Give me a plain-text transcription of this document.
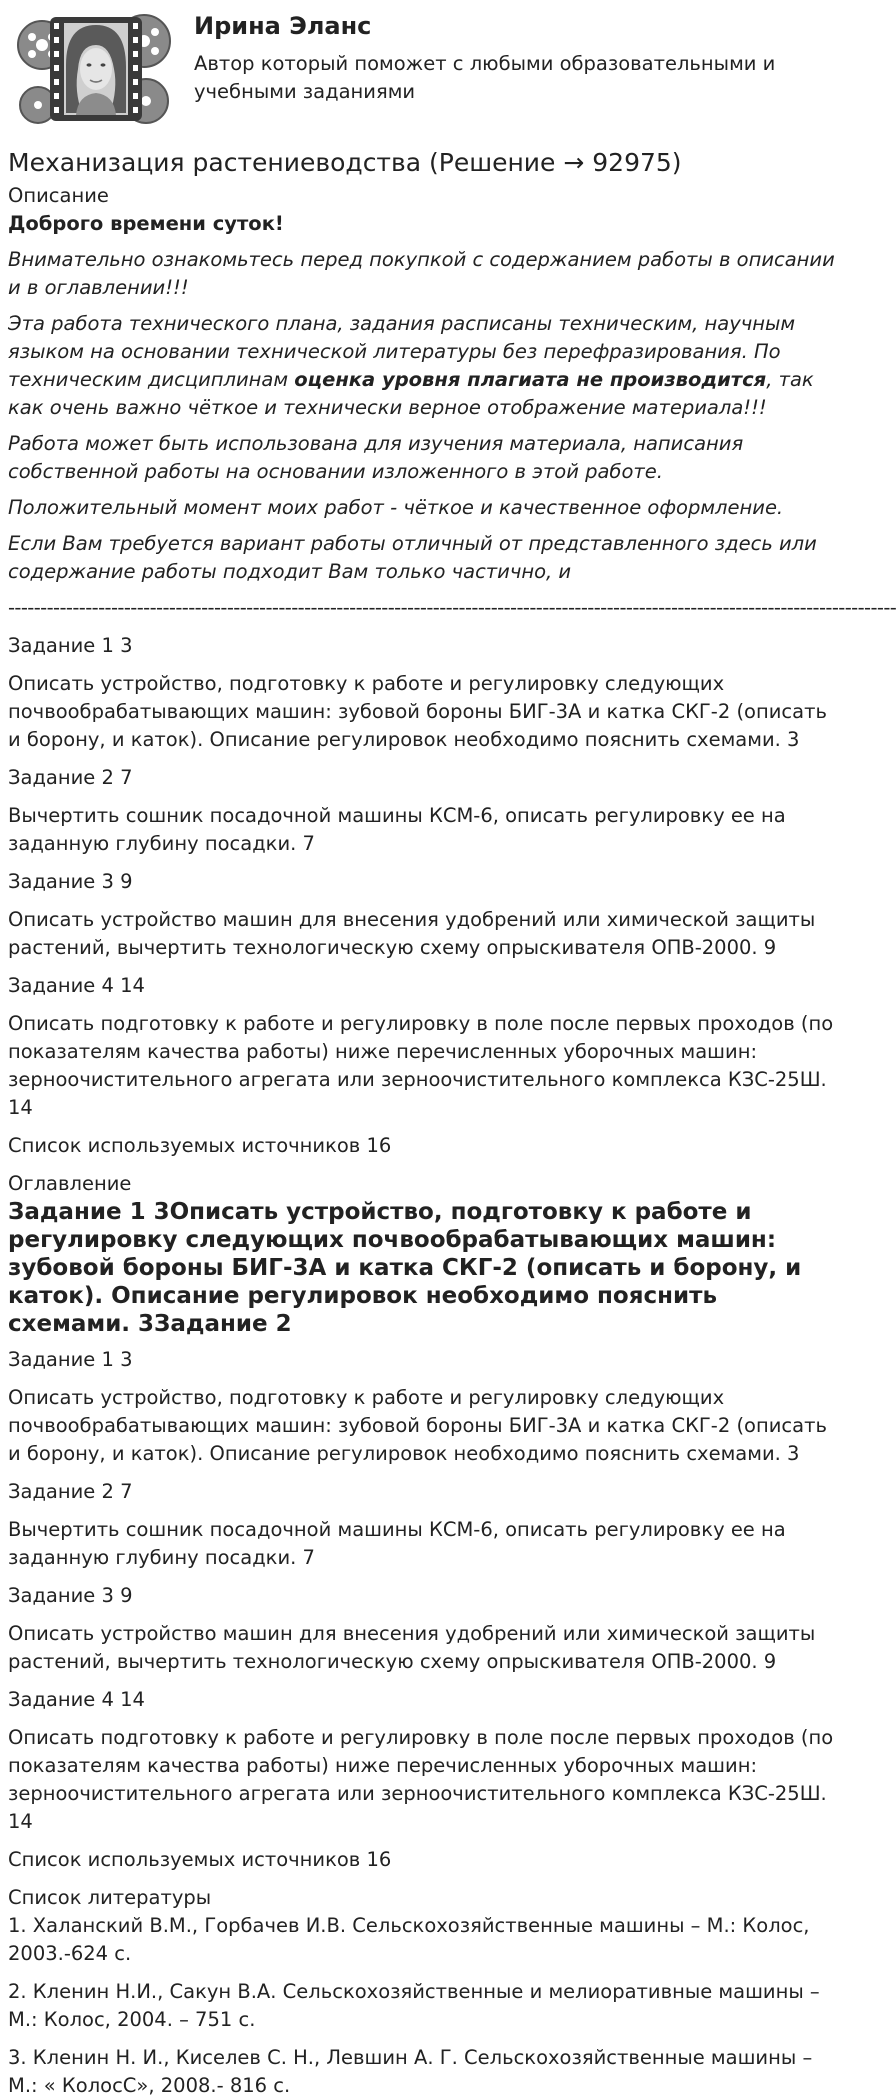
Ирина Эланс
Автор который поможет с любыми образовательными и учебными заданиями
Механизация растениеводства (Решение → 92975)
Описание
Доброго времени суток!

Внимательно ознакомьтесь перед покупкой с содержанием работы в описании и в оглавлении!!!

Эта работа технического плана, задания расписаны техническим, научным языком на основании технической литературы без перефразирования. По техническим дисциплинам оценка уровня плагиата не производится, так как очень важно чёткое и технически верное отображение материала!!!

Работа может быть использована для изучения материала, написания собственной работы на основании изложенного в этой работе.

Положительный момент моих работ - чёткое и качественное оформление.

Если Вам требуется вариант работы отличный от представленного здесь или содержание работы подходит Вам только частично, и

------------------------------------------------------------------------------------------------------------------------------------------

Задание 1 3

Описать устройство, подготовку к работе и регулировку следующих почвообрабатывающих машин: зубовой бороны БИГ-3А и катка СКГ-2 (описать и борону, и каток). Описание регулировок необходимо пояснить схемами. 3

Задание 2 7

Вычертить сошник посадочной машины КСМ-6, описать регулировку ее на заданную глубину посадки. 7

Задание 3 9

Описать устройство машин для внесения удобрений или химической защиты растений, вычертить технологическую схему опрыскивателя ОПВ-2000. 9

Задание 4 14

Описать подготовку к работе и регулировку в поле после первых проходов (по показателям качества работы) ниже перечисленных уборочных машин: зерноочистительного агрегата или зерноочистительного комплекса КЗС-25Ш. 14

Список используемых источников 16

Оглавление
Задание 1 3Описать устройство, подготовку к работе и регулировку следующих почвообрабатывающих машин: зубовой бороны БИГ-3А и катка СКГ-2 (описать и борону, и каток). Описание регулировок необходимо пояснить схемами. 3Задание 2

Задание 1 3

Описать устройство, подготовку к работе и регулировку следующих почвообрабатывающих машин: зубовой бороны БИГ-3А и катка СКГ-2 (описать и борону, и каток). Описание регулировок необходимо пояснить схемами. 3

Задание 2 7

Вычертить сошник посадочной машины КСМ-6, описать регулировку ее на заданную глубину посадки. 7

Задание 3 9

Описать устройство машин для внесения удобрений или химической защиты растений, вычертить технологическую схему опрыскивателя ОПВ-2000. 9

Задание 4 14

Описать подготовку к работе и регулировку в поле после первых проходов (по показателям качества работы) ниже перечисленных уборочных машин: зерноочистительного агрегата или зерноочистительного комплекса КЗС-25Ш. 14

Список используемых источников 16

Список литературы

1. Халанский В.М., Горбачев И.В. Сельскохозяйственные машины – М.: Колос, 2003.-624 с.

2. Кленин Н.И., Сакун В.А. Сельскохозяйственные и мелиоративные машины – М.: Колос, 2004. – 751 с.

3. Кленин Н. И., Киселев С. Н., Левшин А. Г. Сельскохозяйственные машины – М.: « КолосС», 2008.- 816 с.
